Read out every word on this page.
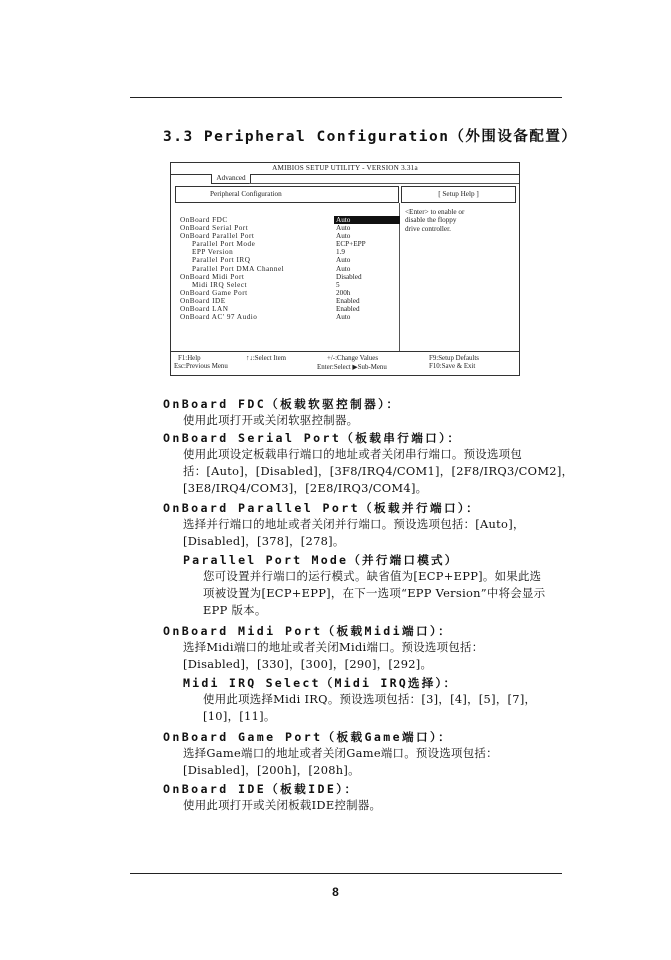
3.3 Peripheral Configuration（外围设备配置）
AMIBIOS SETUP UTILITY - VERSION 3.31a
Advanced
Peripheral Configuration	[ Setup Help ]
OnBoard FDC	Auto
OnBoard Serial Port	Auto
OnBoard Parallel Port	Auto
Parallel Port Mode	ECP+EPP
EPP Version	1.9
Parallel Port IRQ	Auto
Parallel Port DMA Channel	Auto
OnBoard Midi Port	Disabled
Midi IRQ Select	5
OnBoard Game Port	200h
OnBoard IDE	Enabled
OnBoard LAN	Enabled
OnBoard AC' 97 Audio	Auto
<Enter> to enable or
disable the floppy
drive controller.
F1:Help
Esc:Previous Menu
↑↓:Select Item	+/-:Change Values
Enter:Select ▶Sub-Menu
F9:Setup Defaults
F10:Save & Exit
OnBoard FDC（板载软驱控制器）：
使用此项打开或关闭软驱控制器。
OnBoard Serial Port（板载串行端口）：
使用此项设定板载串行端口的地址或者关闭串行端口。预设选项包
括：[Auto]，[Disabled]，[3F8/IRQ4/COM1]，[2F8/IRQ3/COM2]，
[3E8/IRQ4/COM3]，[2E8/IRQ3/COM4]。
OnBoard Parallel Port（板载并行端口）：
选择并行端口的地址或者关闭并行端口。预设选项包括：[Auto]，
[Disabled]，[378]，[278]。
Parallel Port Mode（并行端口模式）
您可设置并行端口的运行模式。缺省值为[ECP+EPP]。如果此选
项被设置为[ECP+EPP]，在下一选项“EPP Version”中将会显示
EPP 版本。
OnBoard Midi Port（板载Midi端口）：
选择Midi端口的地址或者关闭Midi端口。预设选项包括：
[Disabled]，[330]，[300]，[290]，[292]。
Midi IRQ Select（Midi IRQ选择）：
使用此项选择Midi IRQ。预设选项包括：[3]，[4]，[5]，[7]，
[10]，[11]。
OnBoard Game Port（板载Game端口）：
选择Game端口的地址或者关闭Game端口。预设选项包括：
[Disabled]，[200h]，[208h]。
OnBoard IDE（板载IDE）：
使用此项打开或关闭板载IDE控制器。
8
